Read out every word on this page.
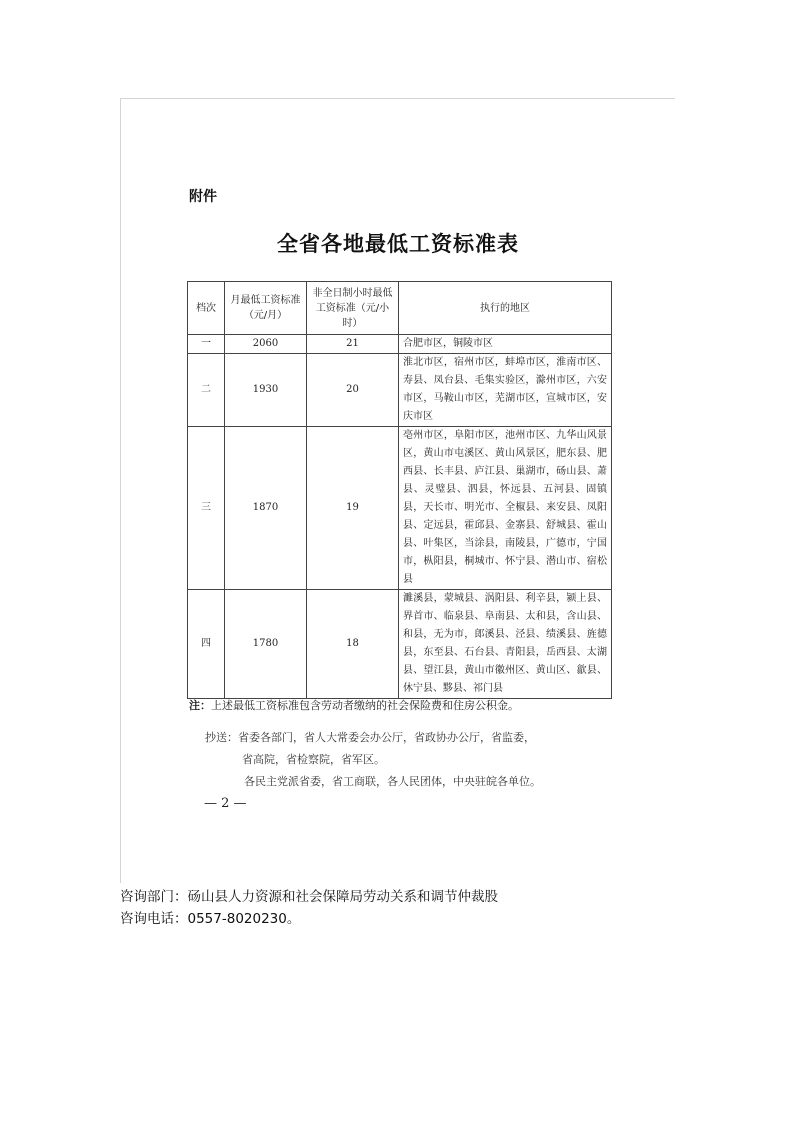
附件
全省各地最低工资标准表
档次	月最低工资标准（元/月）	非全日制小时最低工资标准（元/小时）	执行的地区
一	2060	21	合肥市区，铜陵市区
二	1930	20	淮北市区，宿州市区，蚌埠市区，淮南市区、寿县、凤台县、毛集实验区，滁州市区，六安市区，马鞍山市区，芜湖市区，宣城市区，安庆市区
三	1870	19	亳州市区，阜阳市区，池州市区、九华山风景区，黄山市屯溪区、黄山风景区，肥东县、肥西县、长丰县、庐江县、巢湖市，砀山县、萧县、灵璧县、泗县，怀远县、五河县、固镇县，天长市、明光市、全椒县、来安县、凤阳县、定远县，霍邱县、金寨县、舒城县、霍山县、叶集区，当涂县，南陵县，广德市，宁国市，枞阳县，桐城市、怀宁县、潜山市、宿松县
四	1780	18	濉溪县，蒙城县、涡阳县、利辛县，颍上县、界首市、临泉县、阜南县、太和县，含山县、和县，无为市，郎溪县、泾县、绩溪县、旌德县，东至县、石台县、青阳县，岳西县、太湖县、望江县，黄山市徽州区、黄山区、歙县、休宁县、黟县、祁门县
注：上述最低工资标准包含劳动者缴纳的社会保险费和住房公积金。
抄送：省委各部门，省人大常委会办公厅，省政协办公厅，省监委，
省高院，省检察院，省军区。
各民主党派省委，省工商联，各人民团体，中央驻皖各单位。
— 2 —
咨询部门：砀山县人力资源和社会保障局劳动关系和调节仲裁股
咨询电话：0557-8020230。
